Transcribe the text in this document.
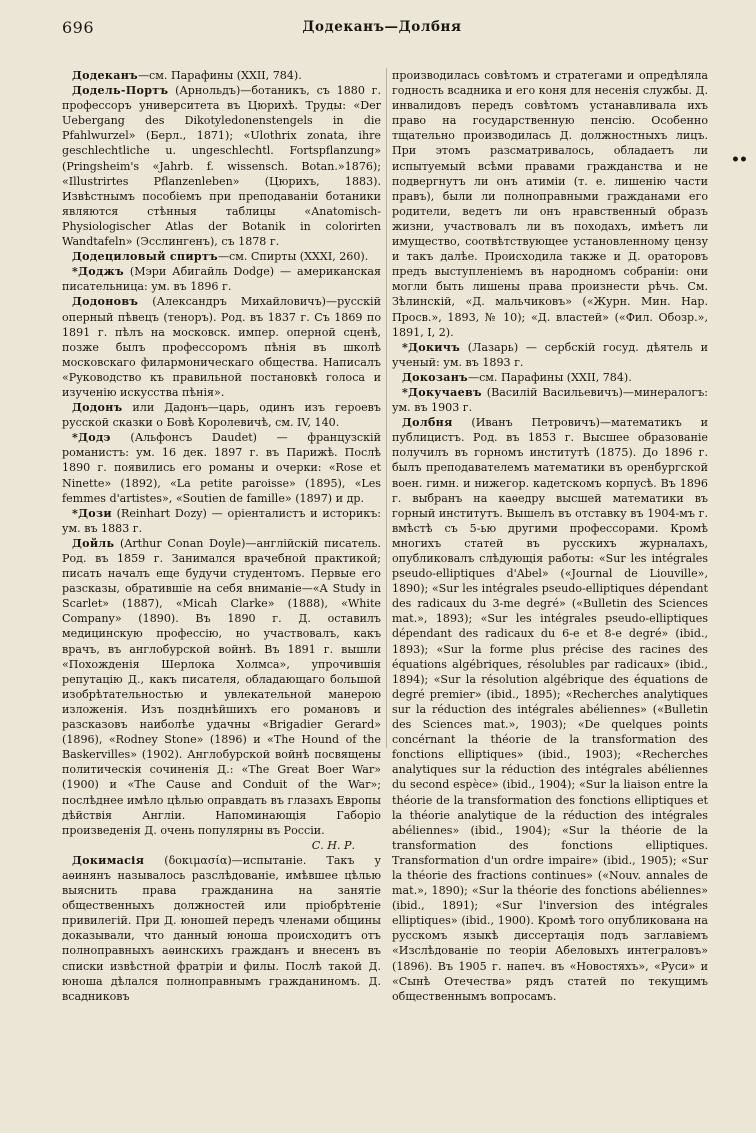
696	Додеканъ—Долбня

Додеканъ—см. Парафины (XXII, 784).

Додель-Портъ (Арнольдъ)—ботаникъ, съ 1880 г. профессоръ университета въ Цюрихѣ. Труды: «Der Uebergang des Dikotyledonenstengels in die Pfahlwurzel» (Берл., 1871); «Ulothrix zonata, ihre geschlechtliche u. ungeschlechtl. Fortspflanzung» (Pringsheim's «Jahrb. f. wissensch. Botan.»1876); «Illustrirtes Pflanzenleben» (Цюрихъ, 1883). Извѣстнымъ пособіемъ при преподаваніи ботаники являются стѣнныя таблицы «Anatomisch-Physiologischer Atlas der Botanik in colorirten Wandtafeln» (Эсслингенъ), съ 1878 г.

Додециловый спиртъ—см. Спирты (XXXI, 260).

*Доджъ (Мэри Абигайль Dodge) — американская писательница: ум. въ 1896 г.

Додоновъ (Александръ Михайловичъ)—русскій оперный пѣвецъ (теноръ). Род. въ 1837 г. Съ 1869 по 1891 г. пѣлъ на московск. импер. оперной сценѣ, позже былъ профессоромъ пѣнія въ школѣ московскаго филармоническаго общества. Написалъ «Руководство къ правильной постановкѣ голоса и изученію искусства пѣнія».

Додонъ или Дадонъ—царь, одинъ изъ героевъ русской сказки о Бовѣ Королевичѣ, см. IV, 140.

*Додэ (Альфонсъ Daudet) — французскій романистъ: ум. 16 дек. 1897 г. въ Парижѣ. Послѣ 1890 г. появились его романы и очерки: «Rose et Ninette» (1892), «La petite paroisse» (1895), «Les femmes d'artistes», «Soutien de famille» (1897) и др.

*Дози (Reinhart Dozy) — оріенталистъ и историкъ: ум. въ 1883 г.

Дойль (Arthur Conan Doyle)—англійскій писатель. Род. въ 1859 г. Занимался врачебной практикой; писать началъ еще будучи студентомъ. Первые его разсказы, обратившіе на себя вниманіе—«A Study in Scarlet» (1887), «Micah Clarke» (1888), «White Company» (1890). Въ 1890 г. Д. оставилъ медицинскую профессію, но участвовалъ, какъ врачъ, въ англобурской войнѣ. Въ 1891 г. вышли «Похожденія Шерлока Холмса», упрочившія репутацію Д., какъ писателя, обладающаго большой изобрѣтательностью и увлекательной манерою изложенія. Изъ позднѣйшихъ его романовъ и разсказовъ наиболѣе удачны «Brigadier Gerard» (1896), «Rodney Stone» (1896) и «The Hound of the Baskervilles» (1902). Англобурской войнѣ посвящены политическія сочиненія Д.: «The Great Boer War» (1900) и «The Cause and Conduit of the War»; послѣднее имѣло цѣлью оправдать въ глазахъ Европы дѣйствія Англіи. Напоминающія Габоріо произведенія Д. очень популярны въ Россіи.

С. Н. Р.

Докимасія (δοκιμασία)—испытаніе. Такъ у аѳинянъ называлось разслѣдованіе, имѣвшее цѣлью выяснить права гражданина на занятіе общественныхъ должностей или пріобрѣтеніе привилегій. При Д. юношей передъ членами общины доказывали, что данный юноша происходитъ отъ полноправныхъ аѳинскихъ гражданъ и внесенъ въ списки извѣстной фратріи и филы. Послѣ такой Д. юноша дѣлался полноправнымъ гражданиномъ. Д. всадниковъ

производилась совѣтомъ и стратегами и опредѣляла годность всадника и его коня для несенія службы. Д. инвалидовъ передъ совѣтомъ устанавливала ихъ право на государственную пенсію. Особенно тщательно производилась Д. должностныхъ лицъ. При этомъ разсматривалось, обладаетъ ли испытуемый всѣми правами гражданства и не подвергнутъ ли онъ атиміи (т. е. лишенію части правъ), были ли полноправными гражданами его родители, ведетъ ли онъ нравственный образъ жизни, участвовалъ ли въ походахъ, имѣетъ ли имущество, соотвѣтствующее установленному цензу и такъ далѣе. Происходила также и Д. ораторовъ предъ выступленіемъ въ народномъ собраніи: они могли быть лишены права произнести рѣчь. См. Зѣлинскій, «Д. мальчиковъ» («Журн. Мин. Нар. Просв.», 1893, № 10); «Д. властей» («Фил. Обозр.», 1891, I, 2).

*Докичъ (Лазарь) — сербскій госуд. дѣятель и ученый: ум. въ 1893 г.

Докозанъ—см. Парафины (XXII, 784).

*Докучаевъ (Василій Васильевичъ)—минералогъ: ум. въ 1903 г.

Долбня (Иванъ Петровичъ)—математикъ и публицистъ. Род. въ 1853 г. Высшее образованіе получилъ въ горномъ институтѣ (1875). До 1896 г. былъ преподавателемъ математики въ оренбургской воен. гимн. и нижегор. кадетскомъ корпусѣ. Въ 1896 г. выбранъ на каѳедру высшей математики въ горный институтъ. Вышелъ въ отставку въ 1904-мъ г. вмѣстѣ съ 5-ью другими профессорами. Кромѣ многихъ статей въ русскихъ журналахъ, опубликовалъ слѣдующія работы: «Sur les intégrales pseudo-elliptiques d'Abel» («Journal de Liouville», 1890); «Sur les intégrales pseudo-elliptiques dépendant des radicaux du 3-me degré» («Bulletin des Sciences mat.», 1893); «Sur les intégrales pseudo-elliptiques dépendant des radicaux du 6-e et 8-e degré» (ibid., 1893); «Sur la forme plus précise des racines des équations algébriques, résolubles par radicaux» (ibid., 1894); «Sur la résolution algébrique des équations de degré premier» (ibid., 1895); «Recherches analytiques sur la réduction des intégrales abéliennes» («Bulletin des Sciences mat.», 1903); «De quelques points concérnant la théorie de la transformation des fonctions elliptiques» (ibid., 1903); «Recherches analytiques sur la réduction des intégrales abéliennes du second espèce» (ibid., 1904); «Sur la liaison entre la théorie de la transformation des fonctions elliptiques et la théorie analytique de la réduction des intégrales abéliennes» (ibid., 1904); «Sur la théorie de la transformation des fonctions elliptiques. Transformation d'un ordre impaire» (ibid., 1905); «Sur la théorie des fractions continues» («Nouv. annales de mat.», 1890); «Sur la théorie des fonctions abéliennes» (ibid., 1891); «Sur l'inversion des intégrales elliptiques» (ibid., 1900). Кромѣ того опубликована на русскомъ языкѣ диссертація подъ заглавіемъ «Изслѣдованіе по теоріи Абеловыхъ интеграловъ» (1896). Въ 1905 г. напеч. въ «Новостяхъ», «Руси» и «Сынѣ Отечества» рядъ статей по текущимъ общественнымъ вопросамъ.

••
